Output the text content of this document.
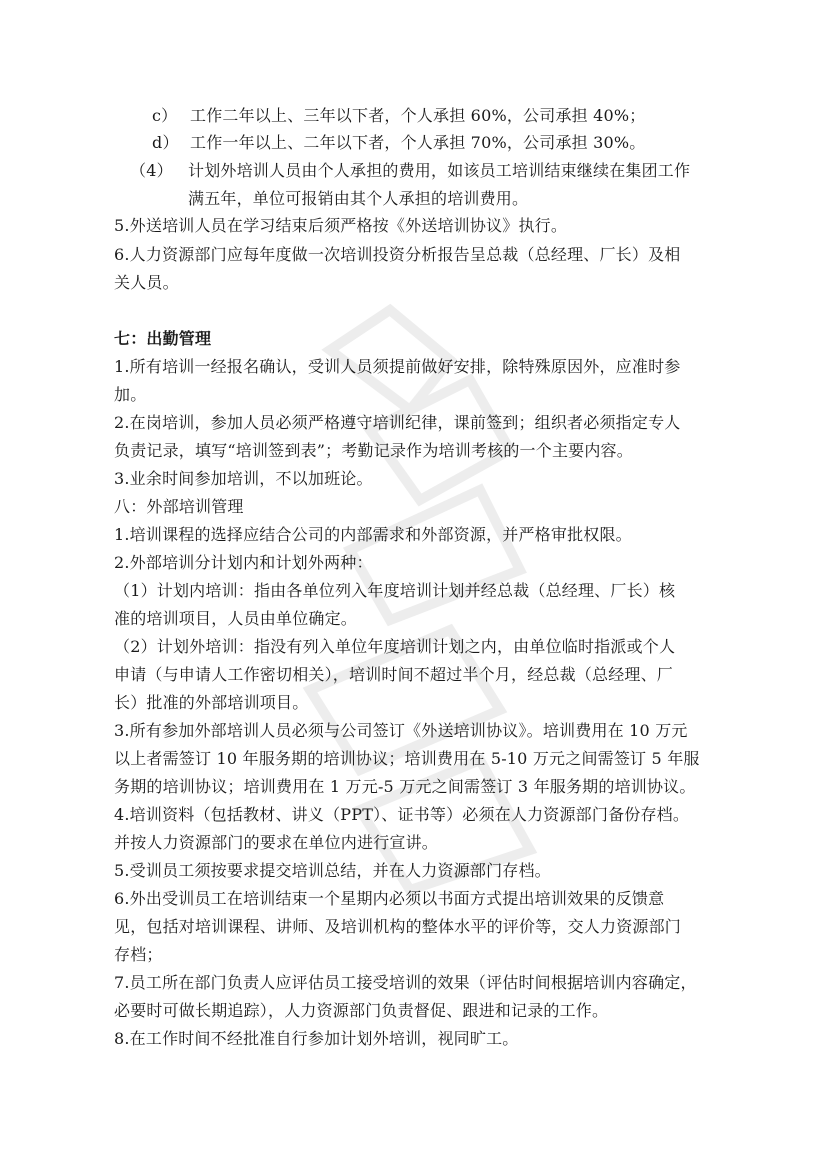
c） 工作二年以上、三年以下者，个人承担 60%，公司承担 40%；
d） 工作一年以上、二年以下者，个人承担 70%，公司承担 30%。
（4） 计划外培训人员由个人承担的费用，如该员工培训结束继续在集团工作
满五年，单位可报销由其个人承担的培训费用。
5.外送培训人员在学习结束后须严格按《外送培训协议》执行。
6.人力资源部门应每年度做一次培训投资分析报告呈总裁（总经理、厂长）及相
关人员。
七：出勤管理
1.所有培训一经报名确认，受训人员须提前做好安排，除特殊原因外，应准时参
加。
2.在岗培训，参加人员必须严格遵守培训纪律，课前签到；组织者必须指定专人
负责记录，填写“培训签到表”；考勤记录作为培训考核的一个主要内容。
3.业余时间参加培训，不以加班论。
八：外部培训管理
1.培训课程的选择应结合公司的内部需求和外部资源，并严格审批权限。
2.外部培训分计划内和计划外两种：
（1）计划内培训：指由各单位列入年度培训计划并经总裁（总经理、厂长）核
准的培训项目，人员由单位确定。
（2）计划外培训：指没有列入单位年度培训计划之内，由单位临时指派或个人
申请（与申请人工作密切相关），培训时间不超过半个月，经总裁（总经理、厂
长）批准的外部培训项目。
3.所有参加外部培训人员必须与公司签订《外送培训协议》。培训费用在 10 万元
以上者需签订 10 年服务期的培训协议；培训费用在 5-10 万元之间需签订 5 年服
务期的培训协议；培训费用在 1 万元-5 万元之间需签订 3 年服务期的培训协议。
4.培训资料（包括教材、讲义（PPT）、证书等）必须在人力资源部门备份存档。
并按人力资源部门的要求在单位内进行宣讲。
5.受训员工须按要求提交培训总结，并在人力资源部门存档。
6.外出受训员工在培训结束一个星期内必须以书面方式提出培训效果的反馈意
见，包括对培训课程、讲师、及培训机构的整体水平的评价等，交人力资源部门
存档；
7.员工所在部门负责人应评估员工接受培训的效果（评估时间根据培训内容确定，
必要时可做长期追踪），人力资源部门负责督促、跟进和记录的工作。
8.在工作时间不经批准自行参加计划外培训，视同旷工。
